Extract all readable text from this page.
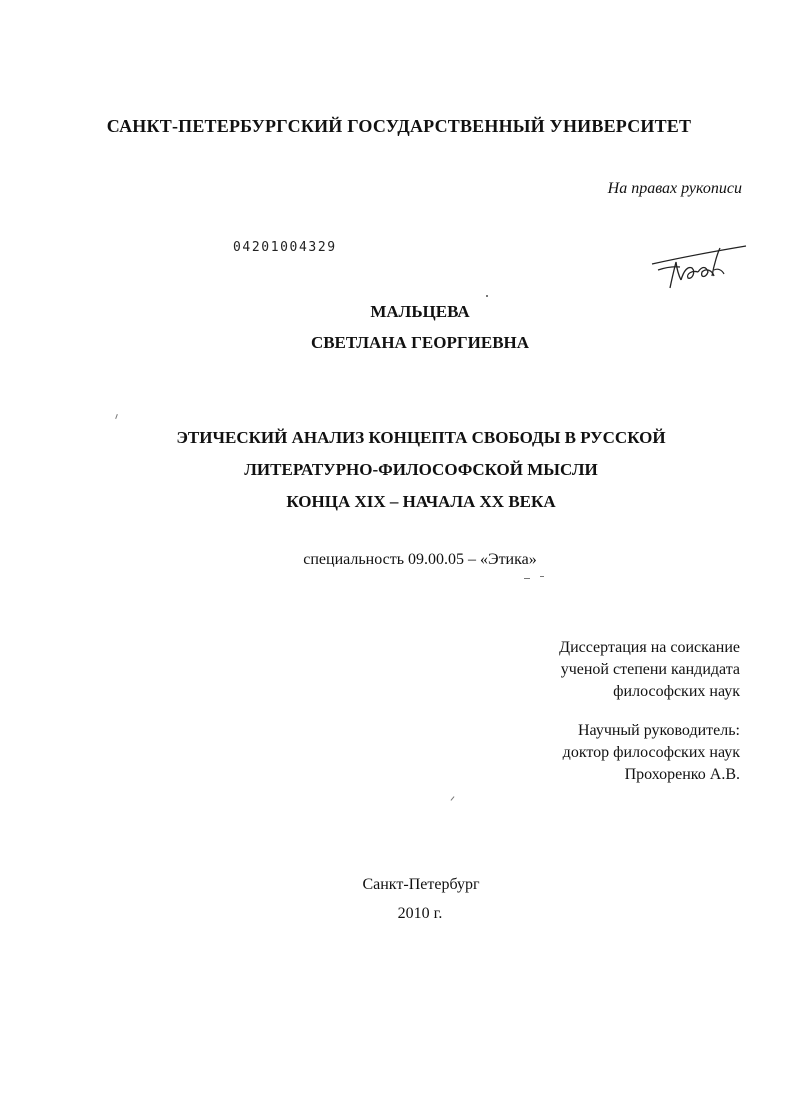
САНКТ-ПЕТЕРБУРГСКИЙ ГОСУДАРСТВЕННЫЙ УНИВЕРСИТЕТ
На правах рукописи
04201004329
МАЛЬЦЕВА
СВЕТЛАНА ГЕОРГИЕВНА
ЭТИЧЕСКИЙ АНАЛИЗ КОНЦЕПТА СВОБОДЫ В РУССКОЙ
ЛИТЕРАТУРНО-ФИЛОСОФСКОЙ МЫСЛИ
КОНЦА XIX – НАЧАЛА XX ВЕКА
специальность 09.00.05 – «Этика»
Диссертация на соискание
ученой степени кандидата
философских наук
Научный руководитель:
доктор философских наук
Прохоренко А.В.
Санкт-Петербург
2010 г.
